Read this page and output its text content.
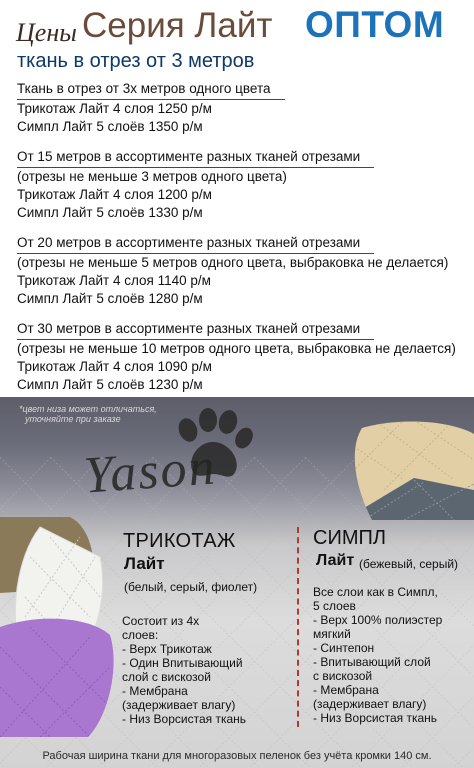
Цены Серия Лайт ОПТОМ
ткань в отрез от 3 метров
Ткань в отрез от 3х метров одного цвета
Трикотаж Лайт 4 слоя 1250 р/м
Симпл Лайт 5 слоёв 1350 р/м
От 15 метров в ассортименте разных тканей отрезами
(отрезы не меньше 3 метров одного цвета)
Трикотаж Лайт 4 слоя 1200 р/м
Симпл Лайт 5 слоёв 1330 р/м
От 20 метров в ассортименте разных тканей отрезами
(отрезы не меньше 5 метров одного цвета, выбраковка не делается)
Трикотаж Лайт 4 слоя 1140 р/м
Симпл Лайт 5 слоёв 1280 р/м
От 30 метров в ассортименте разных тканей отрезами
(отрезы не меньше 10 метров одного цвета, выбраковка не делается)
Трикотаж Лайт 4 слоя 1090 р/м
Симпл Лайт 5 слоёв 1230 р/м
*цвет низа может отличаться,
уточняйте при заказе
Yason
ТРИКОТАЖ
Лайт
(белый, серый, фиолет)
Состоит из 4х
слоев:
- Верх Трикотаж
- Один Впитывающий
слой с вискозой
- Мембрана
(задерживает влагу)
- Низ Ворсистая ткань
СИМПЛ
Лайт (бежевый, серый)
Все слои как в Симпл,
5 слоев
- Верх 100% полиэстер
мягкий
- Синтепон
- Впитывающий слой
с вискозой
- Мембрана
(задерживает влагу)
- Низ Ворсистая ткань
Рабочая ширина ткани для многоразовых пеленок без учёта кромки 140 см.
